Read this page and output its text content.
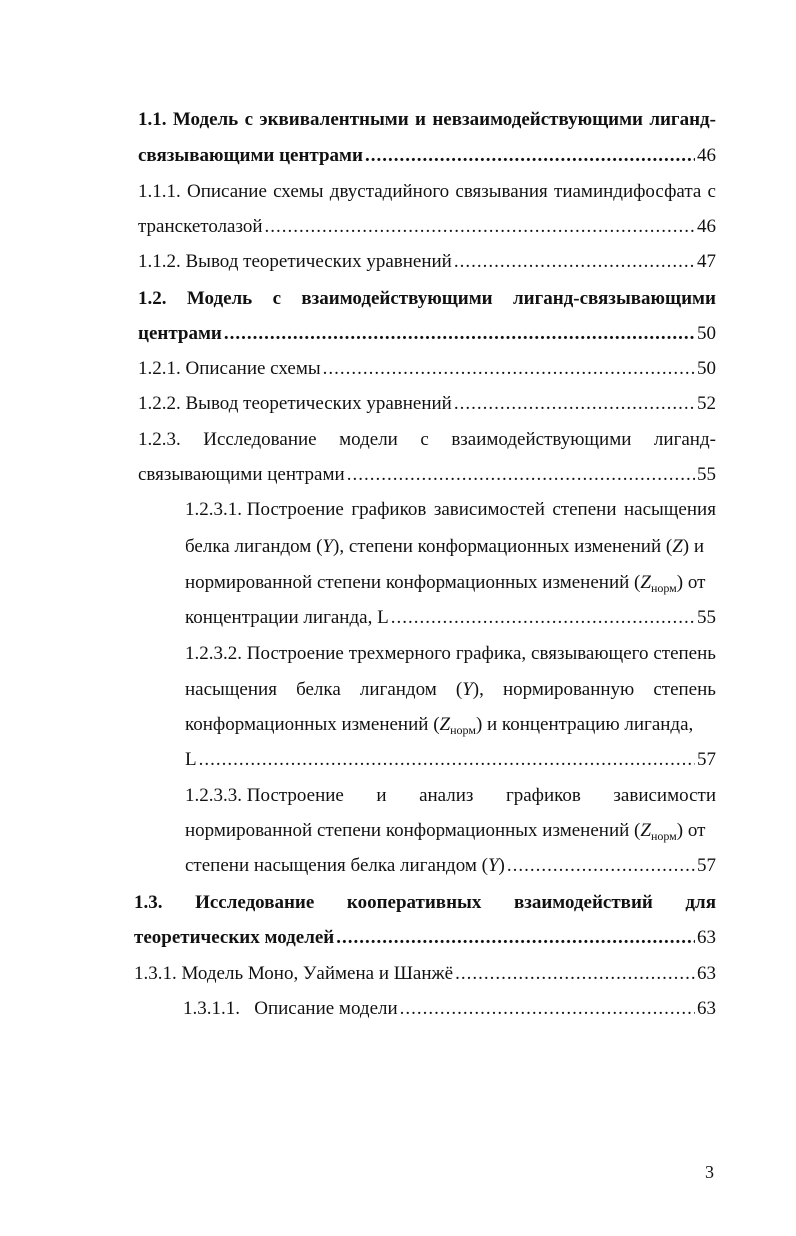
1.1. Модель с эквивалентными и невзаимодействующими лиганд-
связывающими центрами .....	46
1.1.1. Описание схемы двустадийного связывания тиаминдифосфата с
транскетолазой .....	46
1.1.2. Вывод теоретических уравнений .....	47
1.2. Модель с взаимодействующими лиганд-связывающими
центрами .....	50
1.2.1. Описание схемы .....	50
1.2.2. Вывод теоретических уравнений .....	52
1.2.3. Исследование модели с взаимодействующими лиганд-
связывающими центрами .....	55
1.2.3.1. Построение графиков зависимостей степени насыщения
белка лигандом (Y), степени конформационных изменений (Z) и
нормированной степени конформационных изменений $(Z_{норм})$ от
концентрации лиганда, L .....	55
1.2.3.2. Построение трехмерного графика, связывающего степень
насыщения белка лигандом (Y), нормированную степень
конформационных изменений $(Z_{норм})$ и концентрацию лиганда,
L .....	57
1.2.3.3. Построение и анализ графиков зависимости
нормированной степени конформационных изменений $(Z_{норм})$ от
степени насыщения белка лигандом (Y) .....	57
1.3. Исследование кооперативных взаимодействий для
теоретических моделей .....	63
1.3.1. Модель Моно, Уаймена и Шанжё .....	63
1.3.1.1.   Описание модели .....	63
3
